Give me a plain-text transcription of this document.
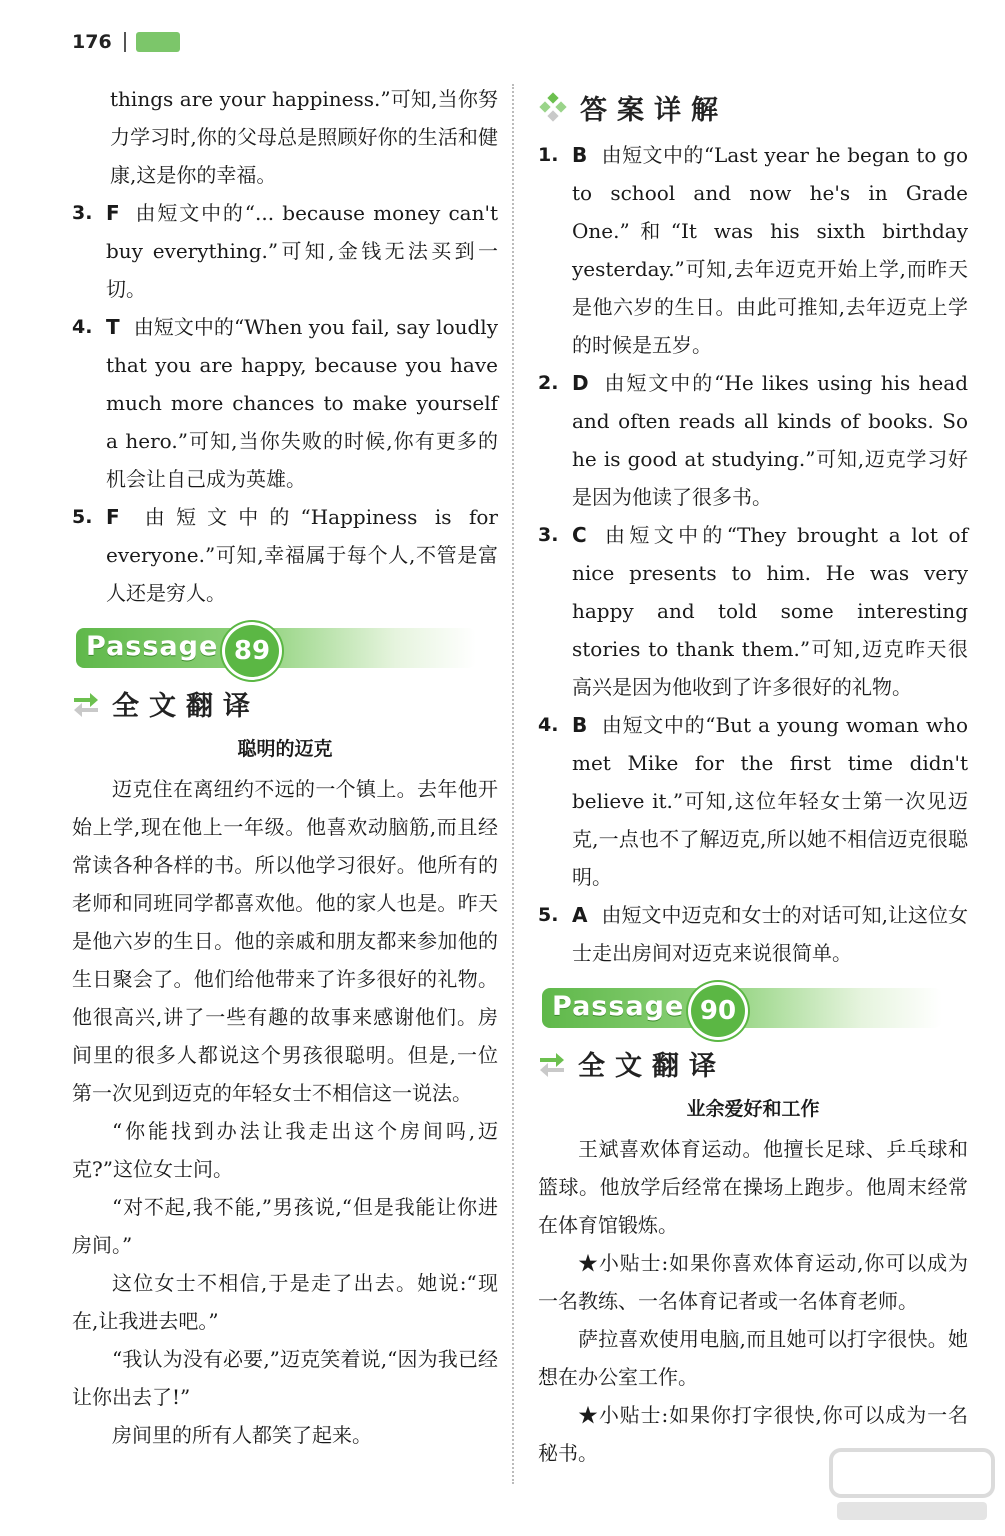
176

things are your happiness.”可知,当你努力学习时,你的父母总是照顾好你的生活和健康,这是你的幸福。

3. F 由短文中的“... because money can't buy everything.”可知,金钱无法买到一切。
4. T 由短文中的“When you fail, say loudly that you are happy, because you have much more chances to make yourself a hero.”可知,当你失败的时候,你有更多的机会让自己成为英雄。
5. F 由短文中的“Happiness is for everyone.”可知,幸福属于每个人,不管是富人还是穷人。
Passage 89
全文翻译
聪明的迈克

迈克住在离纽约不远的一个镇上。去年他开始上学,现在他上一年级。他喜欢动脑筋,而且经常读各种各样的书。所以他学习很好。他所有的老师和同班同学都喜欢他。他的家人也是。昨天是他六岁的生日。他的亲戚和朋友都来参加他的生日聚会了。他们给他带来了许多很好的礼物。他很高兴,讲了一些有趣的故事来感谢他们。房间里的很多人都说这个男孩很聪明。但是,一位第一次见到迈克的年轻女士不相信这一说法。

“你能找到办法让我走出这个房间吗,迈克?”这位女士问。

“对不起,我不能,”男孩说,“但是我能让你进房间。”

这位女士不相信,于是走了出去。她说:“现在,让我进去吧。”

“我认为没有必要,”迈克笑着说,“因为我已经让你出去了!”

房间里的所有人都笑了起来。

答案详解
1. B 由短文中的“Last year he began to go to school and now he's in Grade One.”和“It was his sixth birthday yesterday.”可知,去年迈克开始上学,而昨天是他六岁的生日。由此可推知,去年迈克上学的时候是五岁。
2. D 由短文中的“He likes using his head and often reads all kinds of books. So he is good at studying.”可知,迈克学习好是因为他读了很多书。
3. C 由短文中的“They brought a lot of nice presents to him. He was very happy and told some interesting stories to thank them.”可知,迈克昨天很高兴是因为他收到了许多很好的礼物。
4. B 由短文中的“But a young woman who met Mike for the first time didn't believe it.”可知,这位年轻女士第一次见迈克,一点也不了解迈克,所以她不相信迈克很聪明。
5. A 由短文中迈克和女士的对话可知,让这位女士走出房间对迈克来说很简单。
Passage 90
全文翻译
业余爱好和工作

王斌喜欢体育运动。他擅长足球、乒乓球和篮球。他放学后经常在操场上跑步。他周末经常在体育馆锻炼。

★小贴士:如果你喜欢体育运动,你可以成为一名教练、一名体育记者或一名体育老师。

萨拉喜欢使用电脑,而且她可以打字很快。她想在办公室工作。

★小贴士:如果你打字很快,你可以成为一名秘书。
